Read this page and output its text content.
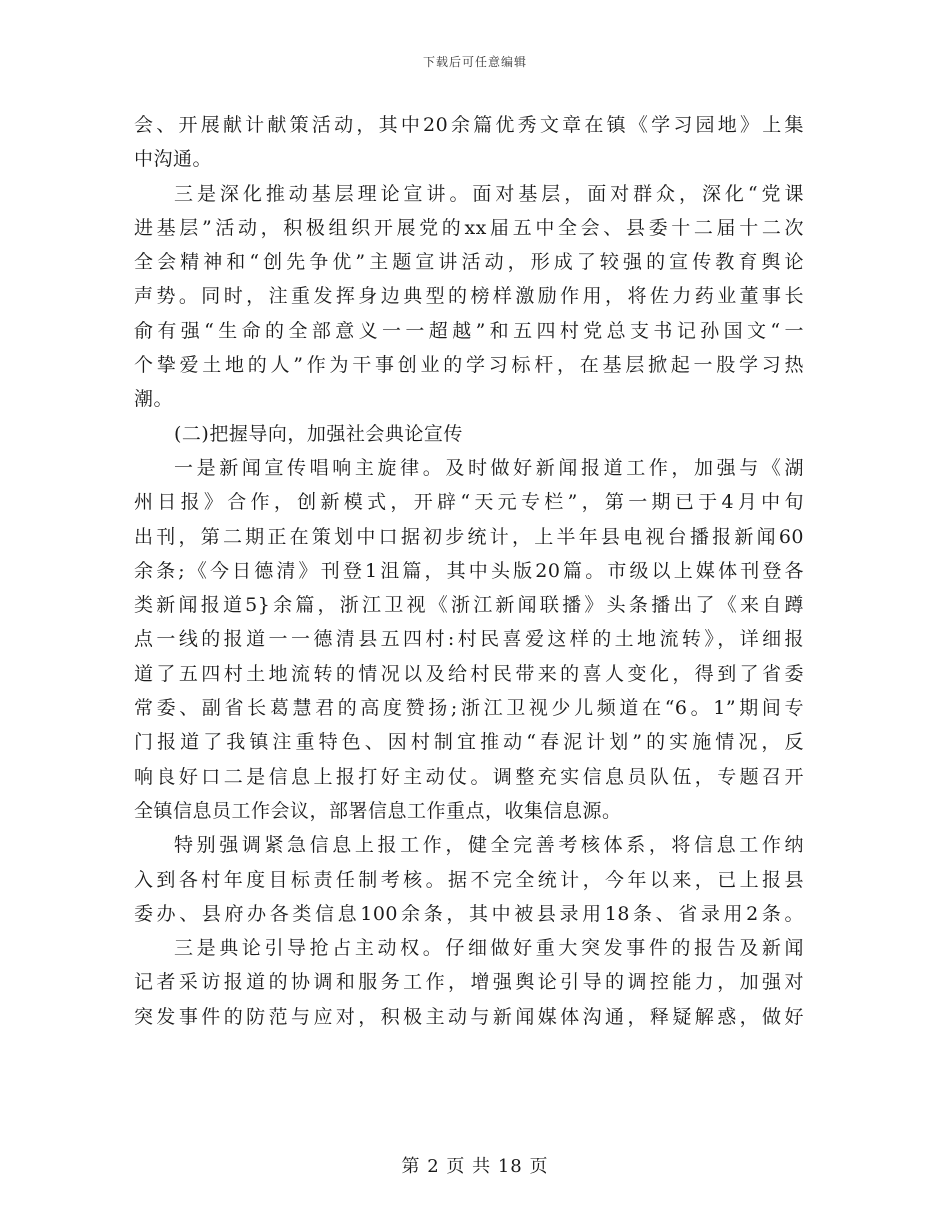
下载后可任意编辑
会、开展献计献策活动，其中20余篇优秀文章在镇《学习园地》上集
中沟通。
三是深化推动基层理论宣讲。面对基层，面对群众，深化“党课
进基层”活动，积极组织开展党的xx届五中全会、县委十二届十二次
全会精神和“创先争优”主题宣讲活动，形成了较强的宣传教育舆论
声势。同时，注重发挥身边典型的榜样激励作用，将佐力药业董事长
俞有强“生命的全部意义一一超越”和五四村党总支书记孙国文“一
个挚爱土地的人”作为干事创业的学习标杆，在基层掀起一股学习热
潮。
(二)把握导向，加强社会典论宣传
一是新闻宣传唱响主旋律。及时做好新闻报道工作，加强与《湖
州日报》合作，创新模式，开辟“天元专栏”，第一期已于4月中旬
出刊，第二期正在策划中口据初步统计，上半年县电视台播报新闻60
余条;《今日德清》刊登1沮篇，其中头版20篇。市级以上媒体刊登各
类新闻报道5}余篇，浙江卫视《浙江新闻联播》头条播出了《来自蹲
点一线的报道一一德清县五四村:村民喜爱这样的土地流转》，详细报
道了五四村土地流转的情况以及给村民带来的喜人变化，得到了省委
常委、副省长葛慧君的高度赞扬;浙江卫视少儿频道在“6。1”期间专
门报道了我镇注重特色、因村制宜推动“春泥计划”的实施情况，反
响良好口二是信息上报打好主动仗。调整充实信息员队伍，专题召开
全镇信息员工作会议，部署信息工作重点，收集信息源。
特别强调紧急信息上报工作，健全完善考核体系，将信息工作纳
入到各村年度目标责任制考核。据不完全统计，今年以来，已上报县
委办、县府办各类信息100余条，其中被县录用18条、省录用2条。
三是典论引导抢占主动权。仔细做好重大突发事件的报告及新闻
记者采访报道的协调和服务工作，增强舆论引导的调控能力，加强对
突发事件的防范与应对，积极主动与新闻媒体沟通，释疑解惑，做好
第 2 页 共 18 页
